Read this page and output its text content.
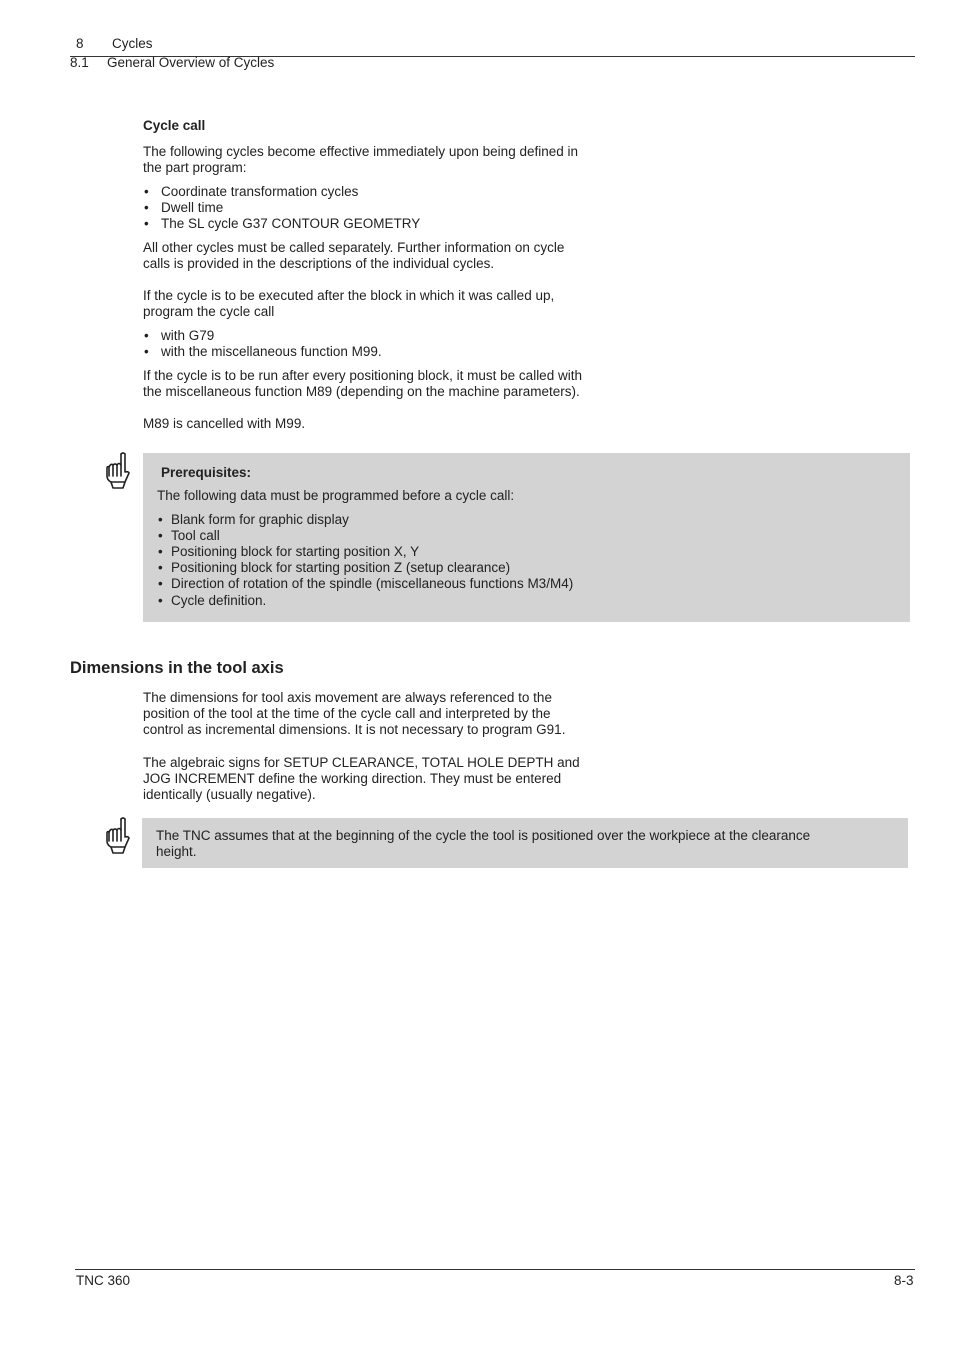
8 Cycles
8.1 General Overview of Cycles
Cycle call
The following cycles become effective immediately upon being defined in
the part program:
• Coordinate transformation cycles
• Dwell time
• The SL cycle G37 CONTOUR GEOMETRY
All other cycles must be called separately. Further information on cycle
calls is provided in the descriptions of the individual cycles.
If the cycle is to be executed after the block in which it was called up,
program the cycle call
• with G79
• with the miscellaneous function M99.
If the cycle is to be run after every positioning block, it must be called with
the miscellaneous function M89 (depending on the machine parameters).
M89 is cancelled with M99.
Prerequisites:
The following data must be programmed before a cycle call:
• Blank form for graphic display
• Tool call
• Positioning block for starting position X, Y
• Positioning block for starting position Z (setup clearance)
• Direction of rotation of the spindle (miscellaneous functions M3/M4)
• Cycle definition.
Dimensions in the tool axis
The dimensions for tool axis movement are always referenced to the
position of the tool at the time of the cycle call and interpreted by the
control as incremental dimensions. It is not necessary to program G91.
The algebraic signs for SETUP CLEARANCE, TOTAL HOLE DEPTH and
JOG INCREMENT define the working direction. They must be entered
identically (usually negative).
The TNC assumes that at the beginning of the cycle the tool is positioned over the workpiece at the clearance
height.
TNC 360	8-3
